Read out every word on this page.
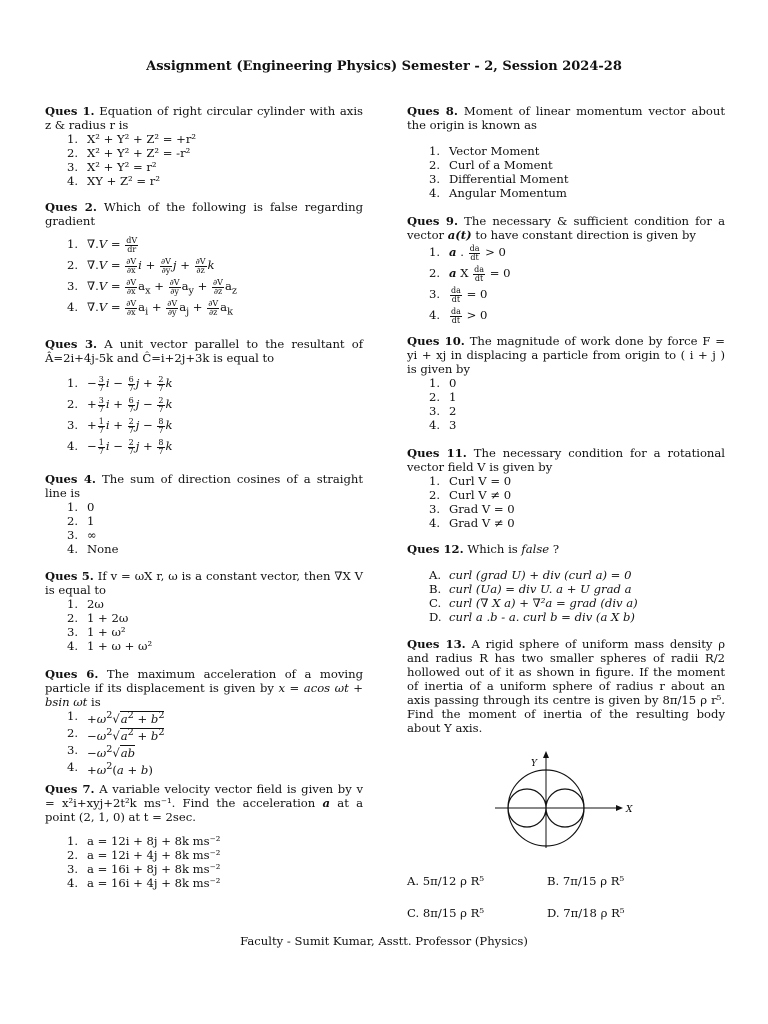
Assignment (Engineering Physics) Semester - 2, Session 2024-28

Ques 1. Equation of right circular cylinder with axis z & radius r is

1. X² + Y² + Z² = +r²
2. X² + Y² + Z² = -r²
3. X² + Y² = r²
4. XY + Z² = r²

Ques 2. Which of the following is false regarding gradient

1. $\nabla.V = \frac{dV}{dr}$
2. $\nabla.V = \frac{\partial V}{\partial x}$ $i + \frac{\partial V}{\partial y}$ $j + \frac{\partial V}{\partial z}$ k
3. $\nabla.V = \frac{\partial V}{\partial x} a_x + \frac{\partial V}{\partial y} a_y + \frac{\partial V}{\partial z} a_z$
4. $\nabla.V = \frac{\partial V}{\partial x} a_i + \frac{\partial V}{\partial y} a_j + \frac{\partial V}{\partial z} a_k$

Ques 3. A unit vector parallel to the resultant of Â=2i+4j-5k and Ĉ=i+2j+3k is equal to

1. − $\frac{3}{7}$ $i - \frac{6}{7}$ $j + \frac{2}{7}$ k
2. + $\frac{3}{7}$ $i + \frac{6}{7}$ $j - \frac{2}{7}$ k
3. + $\frac{1}{7}$ $i + \frac{2}{7}$ $j - \frac{8}{7}$ k
4. − $\frac{1}{7}$ $i - \frac{2}{7}$ $j + \frac{8}{7}$ k

Ques 4. The sum of direction cosines of a straight line is

1. 0
2. 1
3. ∞
4. None

Ques 5. If v = ωX r, ω is a constant vector, then ∇X V is equal to

1. 2ω
2. 1 + 2ω
3. 1 + ω²
4. 1 + ω + ω²

Ques 6. The maximum acceleration of a moving particle if its displacement is given by x = acos ωt + bsin ωt is

1. $+\omega^2√a^2 + b^2$
2. $-\omega^2√a^2 + b^2$
3. $-\omega^2√ab$
4. $+\omega^2(a + b)$

Ques 7. A variable velocity vector field is given by v = x²i+xyj+2t²k ms⁻¹. Find the acceleration a at a point (2, 1, 0) at t = 2sec.

1. a = 12i + 8j + 8k ms⁻²
2. a = 12i + 4j + 8k ms⁻²
3. a = 16i + 8j + 8k ms⁻²
4. a = 16i + 4j + 8k ms⁻²

Ques 8. Moment of linear momentum vector about the origin is known as

1. Vector Moment
2. Curl of a Moment
3. Differential Moment
4. Angular Momentum

Ques 9. The necessary & sufficient condition for a vector a(t) to have constant direction is given by

1. a . $\frac{da}{dt} > 0$
2. a X $\frac{da}{dt} = 0$
3. $\frac{da}{dt} = 0$
4. $\frac{da}{dt} > 0$

Ques 10. The magnitude of work done by force F = yi + xj in displacing a particle from origin to ( i + j ) is given by

1. 0
2. 1
3. 2
4. 3

Ques 11. The necessary condition for a rotational vector field V is given by

1. Curl V = 0
2. Curl V ≠ 0
3. Grad V = 0
4. Grad V ≠ 0

Ques 12. Which is false ?

A. curl (grad U) + div (curl a) = 0
B. curl (Ua) = div U. a + U grad a
C. curl (∇ X a) + ∇²a = grad (div a)
D. curl a .b - a. curl b = div (a X b)

Ques 13. A rigid sphere of uniform mass density ρ and radius R has two smaller spheres of radii R/2 hollowed out of it as shown in figure. If the moment of inertia of a uniform sphere of radius r about an axis passing through its centre is given by 8π/15 ρ r⁵. Find the moment of inertia of the resulting body about Y axis.

Y
X
A. 5π/12 ρ R⁵	B. 7π/15 ρ R⁵
C. 8π/15 ρ R⁵	D. 7π/18 ρ R⁵
Faculty - Sumit Kumar, Asstt. Professor (Physics)
